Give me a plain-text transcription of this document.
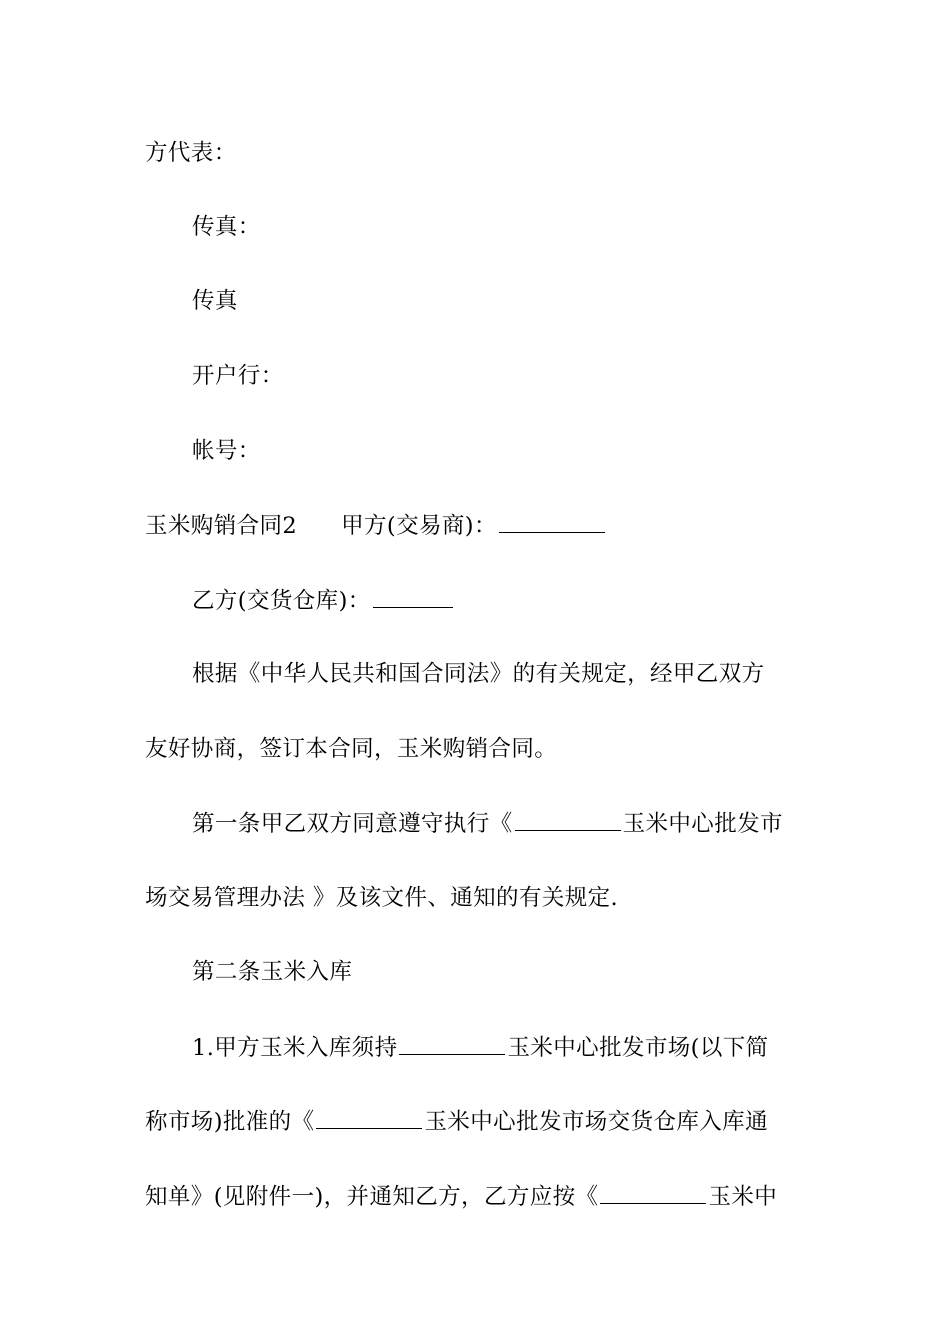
方代表：
传真：
传真
开户行：
帐号：
玉米购销合同2 甲方(交易商)：
乙方(交货仓库)：
根据《中华人民共和国合同法》的有关规定，经甲乙双方
友好协商，签订本合同，玉米购销合同。
第一条甲乙双方同意遵守执行《	玉米中心批发市
场交易管理办法 》及该文件、通知的有关规定.
第二条玉米入库
1.甲方玉米入库须持	玉米中心批发市场(以下简
称市场)批准的《	玉米中心批发市场交货仓库入库通
知单》(见附件一)，并通知乙方，乙方应按《	玉米中
